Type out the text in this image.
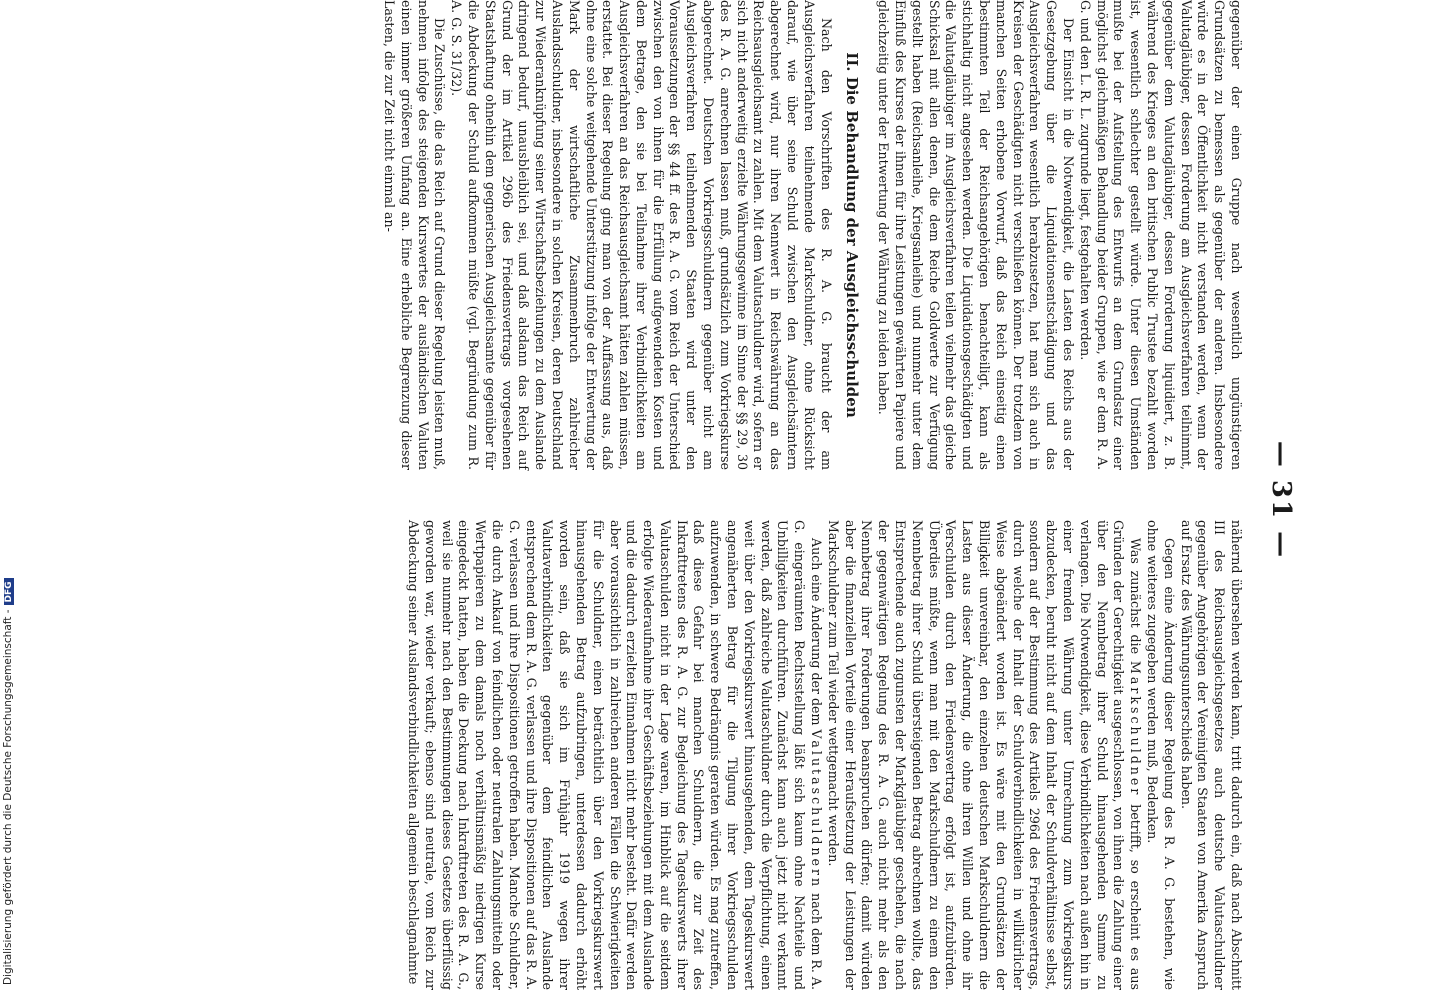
— 31 —

gegenüber der einen Gruppe nach wesentlich ungünstigeren Grundsätzen zu bemessen als gegenüber der anderen. Insbesondere würde es in der Öffentlichkeit nicht verstanden werden, wenn der Valutagläubiger, dessen Forderung am Ausgleichsverfahren teilnimmt, gegenüber dem Valutagläubiger, dessen Forderung liquidiert, z. B. während des Krieges an den britischen Public Trustee bezahlt worden ist, wesentlich schlechter gestellt würde. Unter diesen Umständen mußte bei der Aufstellung des Entwurfs an dem Grundsatz einer möglichst gleichmäßigen Behandlung beider Gruppen, wie er dem R. A. G. und den L. R. L. zugrunde liegt, festgehalten werden.

Der Einsicht in die Notwendigkeit, die Lasten des Reichs aus der Gesetzgebung über die Liquidationsentschädigung und das Ausgleichsverfahren wesentlich herabzusetzen, hat man sich auch in Kreisen der Geschädigten nicht verschließen können. Der trotzdem von manchen Seiten erhobene Vorwurf, daß das Reich einseitig einen bestimmten Teil der Reichsangehörigen benachteiligt, kann als stichhaltig nicht angesehen werden. Die Liquidationsgeschädigten und die Valutagläubiger im Ausgleichsverfahren teilen vielmehr das gleiche Schicksal mit allen denen, die dem Reiche Goldwerte zur Verfügung gestellt haben (Reichsanleihe, Kriegsanleihe) und nunmehr unter dem Einfluß des Kurses der ihnen für ihre Leistungen gewährten Papiere und gleichzeitig unter der Entwertung der Währung zu leiden haben.

II. Die Behandlung der Ausgleichsschulden

Nach den Vorschriften des R. A. G. braucht der am Ausgleichsverfahren teilnehmende Markschuldner, ohne Rücksicht darauf, wie über seine Schuld zwischen den Ausgleichsämtern abgerechnet wird, nur ihren Nennwert in Reichswährung an das Reichsausgleichsamt zu zahlen. Mit dem Valutaschuldner wird, sofern er sich nicht anderweitig erzielte Währungsgewinne im Sinne der §§ 29, 30 des R. A. G. anrechnen lassen muß, grundsätzlich zum Vorkriegskurse abgerechnet. Deutschen Vorkriegsschuldnern gegenüber nicht am Ausgleichsverfahren teilnehmenden Staaten wird unter den Voraussetzungen der §§ 44 ff. des R. A. G. vom Reich der Unterschied zwischen den von ihnen für die Erfüllung aufgewendeten Kosten und dem Betrage, den sie bei Teilnahme ihrer Verbindlichkeiten am Ausgleichsverfahren an das Reichsausgleichsamt hätten zahlen müssen, erstattet. Bei dieser Regelung ging man von der Auffassung aus, daß ohne eine solche weitgehende Unterstützung infolge der Entwertung der Mark der wirtschaftliche Zusammenbruch zahlreicher Auslandsschuldner, insbesondere in solchen Kreisen, deren Deutschland zur Wiederanknüpfung seiner Wirtschaftsbeziehungen zu dem Auslande dringend bedurf, unausbleiblich sei, und daß alsdann das Reich auf Grund der im Artikel 296b des Friedensvertrags vorgesehenen Staatshaftung ohnehin dem gegnerischen Ausgleichsamte gegenüber für die Abdeckung der Schuld aufkommen müßte (vgl. Begründung zum R. A. G. S. 31/32).

Die Zuschüsse, die das Reich auf Grund dieser Regelung leisten muß, nehmen infolge des steigenden Kurswertes der ausländischen Valuten einen immer größeren Umfang an. Eine erhebliche Begrenzung dieser Lasten, die zur Zeit nicht einmal an-

nähernd übersehen werden kann, tritt dadurch ein, daß nach Abschnitt III des Reichsausgleichsgesetzes auch deutsche Valutaschuldner gegenüber Angehörigen der Vereinigten Staaten von Amerika Anspruch auf Ersatz des Währungsunterschieds haben.

Gegen eine Änderung dieser Regelung des R. A. G. bestehen, wie ohne weiteres zugegeben werden muß, Bedenken.

Was zunächst die Markschuldner betrifft, so erscheint es aus Gründen der Gerechtigkeit ausgeschlossen, von ihnen die Zahlung einer über den Nennbetrag ihrer Schuld hinausgehenden Summe zu verlangen. Die Notwendigkeit, diese Verbindlichkeiten nach außen hin in einer fremden Währung unter Umrechnung zum Vorkriegskurs abzudecken, beruht nicht auf dem Inhalt der Schuldverhältnisse selbst, sondern auf der Bestimmung des Artikels 296d des Friedensvertrags, durch welche der Inhalt der Schuldverbindlichkeiten in willkürlicher Weise abgeändert worden ist. Es wäre mit den Grundsätzen der Billigkeit unvereinbar, den einzelnen deutschen Markschuldnern die Lasten aus dieser Änderung, die ohne ihren Willen und ohne ihr Verschulden durch den Friedensvertrag erfolgt ist, aufzubürden. Überdies müßte, wenn man mit den Markschuldnern zu einem den Nennbetrag ihrer Schuld übersteigenden Betrag abrechnen wollte, das Entsprechende auch zugunsten der Markgläubiger geschehen, die nach der gegenwärtigen Regelung des R. A. G. auch nicht mehr als den Nennbetrag ihrer Forderungen beanspruchen dürfen; damit würden aber die finanziellen Vorteile einer Heraufsetzung der Leistungen der Markschuldner zum Teil wieder wettgemacht werden.

Auch eine Änderung der dem Valutaschuldnern nach dem R. A. G. eingeräumten Rechtsstellung läßt sich kaum ohne Nachteile und Unbilligkeiten durchführen. Zunächst kann auch jetzt nicht verkannt werden, daß zahlreiche Valutaschuldner durch die Verpflichtung, einen weit über den Vorkriegskurswert hinausgehenden, dem Tageskurswert angenäherten Betrag für die Tilgung ihrer Vorkriegsschulden aufzuwenden, in schwere Bedrängnis geraten würden. Es mag zutreffen, daß diese Gefahr bei manchen Schuldnern, die zur Zeit des Inkrafttretens des R. A. G. zur Begleichung des Tageskurswerts ihrer Valutaschulden nicht in der Lage waren, im Hinblick auf die seitdem erfolgte Wiederaufnahme ihrer Geschäftsbeziehungen mit dem Auslande und die dadurch erzielten Einnahmen nicht mehr besteht. Dafür werden aber voraussichtlich in zahlreichen anderen Fällen die Schwierigkeiten für die Schuldner, einen beträchtlich über den Vorkriegskurswert hinausgehenden Betrag aufzubringen, unterdessen dadurch erhöht worden sein, daß sie sich im Frühjahr 1919 wegen ihrer Valutaverbindlichkeiten gegenüber dem feindlichen Auslande entsprechend dem R. A. G. verlassen und ihre Dispositionen auf das R. A. G. verlassen und ihre Dispositionen getroffen haben. Manche Schuldner, die durch Ankauf von feindlichen oder neutralen Zahlungsmitteln oder Wertpapieren zu dem damals noch verhältnismäßig niedrigen Kurse eingedeckt hatten, haben die Deckung nach Inkrafttreten des R. A. G., weil sie nunmehr nach den Bestimmungen dieses Gesetzes überflüssig geworden war, wieder verkauft; ebenso sind neutrale, vom Reich zur Abdeckung seiner Auslandsverbindlichkeiten allgemein beschlagnahmte

Digitalisierung gefördert durch die Deutsche Forschungsgemeinschaft -DFG
